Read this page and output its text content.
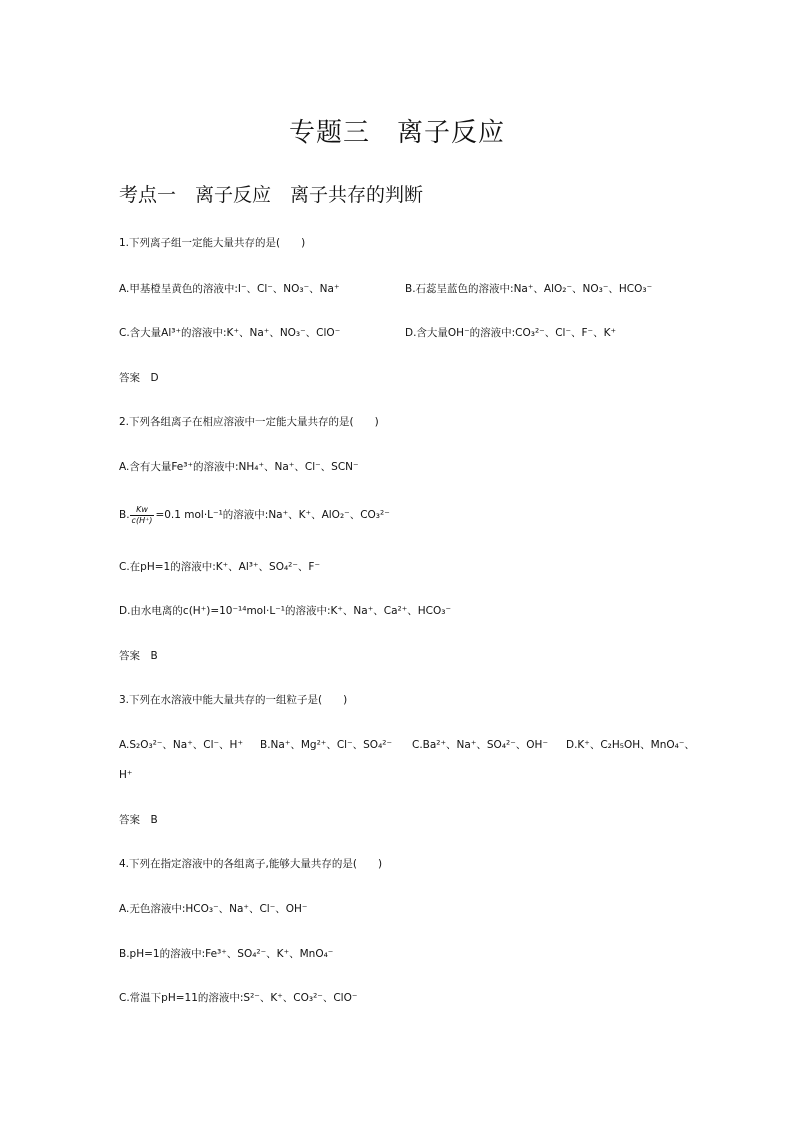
专题三　离子反应
考点一　离子反应　离子共存的判断
1.下列离子组一定能大量共存的是(　　)
A.甲基橙呈黄色的溶液中:I⁻、Cl⁻、NO₃⁻、Na⁺	B.石蕊呈蓝色的溶液中:Na⁺、AlO₂⁻、NO₃⁻、HCO₃⁻
C.含大量Al³⁺的溶液中:K⁺、Na⁺、NO₃⁻、ClO⁻	D.含大量OH⁻的溶液中:CO₃²⁻、Cl⁻、F⁻、K⁺
答案　D
2.下列各组离子在相应溶液中一定能大量共存的是(　　)
A.含有大量Fe³⁺的溶液中:NH₄⁺、Na⁺、Cl⁻、SCN⁻
B. $\frac{Kw}{c(H^+)} =0.1$ mol·L⁻¹的溶液中:Na⁺、K⁺、AlO₂⁻、CO₃²⁻
C.在pH=1的溶液中:K⁺、Al³⁺、SO₄²⁻、F⁻
D.由水电离的c(H⁺)=10⁻¹⁴mol·L⁻¹的溶液中:K⁺、Na⁺、Ca²⁺、HCO₃⁻
答案　B
3.下列在水溶液中能大量共存的一组粒子是(　　)
A.S₂O₃²⁻、Na⁺、Cl⁻、H⁺ B.Na⁺、Mg²⁺、Cl⁻、SO₄²⁻ C.Ba²⁺、Na⁺、SO₄²⁻、OH⁻ D.K⁺、C₂H₅OH、MnO₄⁻、
H⁺
答案　B
4.下列在指定溶液中的各组离子,能够大量共存的是(　　)
A.无色溶液中:HCO₃⁻、Na⁺、Cl⁻、OH⁻
B.pH=1的溶液中:Fe³⁺、SO₄²⁻、K⁺、MnO₄⁻
C.常温下pH=11的溶液中:S²⁻、K⁺、CO₃²⁻、ClO⁻
